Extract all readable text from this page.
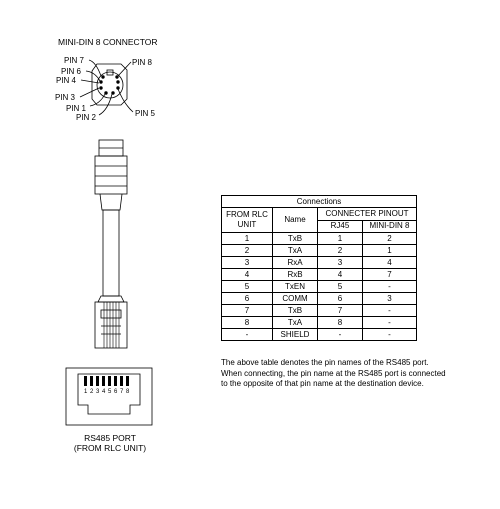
MINI-DIN 8 CONNECTOR
PIN 7
PIN 6
PIN 4
PIN 3
PIN 1
PIN 2
PIN 8
PIN 5
1 2 3 4 5 6 7 8
RS485 PORT
(FROM RLC UNIT)
Connections			
FROM RLC UNIT	Name	CONNECTER PINOUT	
		RJ45	MINI-DIN 8
1	TxB	1	2
2	TxA	2	1
3	RxA	3	4
4	RxB	4	7
5	TxEN	5	-
6	COMM	6	3
7	TxB	7	-
8	TxA	8	-
-	SHIELD	-	-
The above table denotes the pin names of the RS485 port.
When connecting, the pin name at the RS485 port is connected
to the opposite of that pin name at the destination device.
